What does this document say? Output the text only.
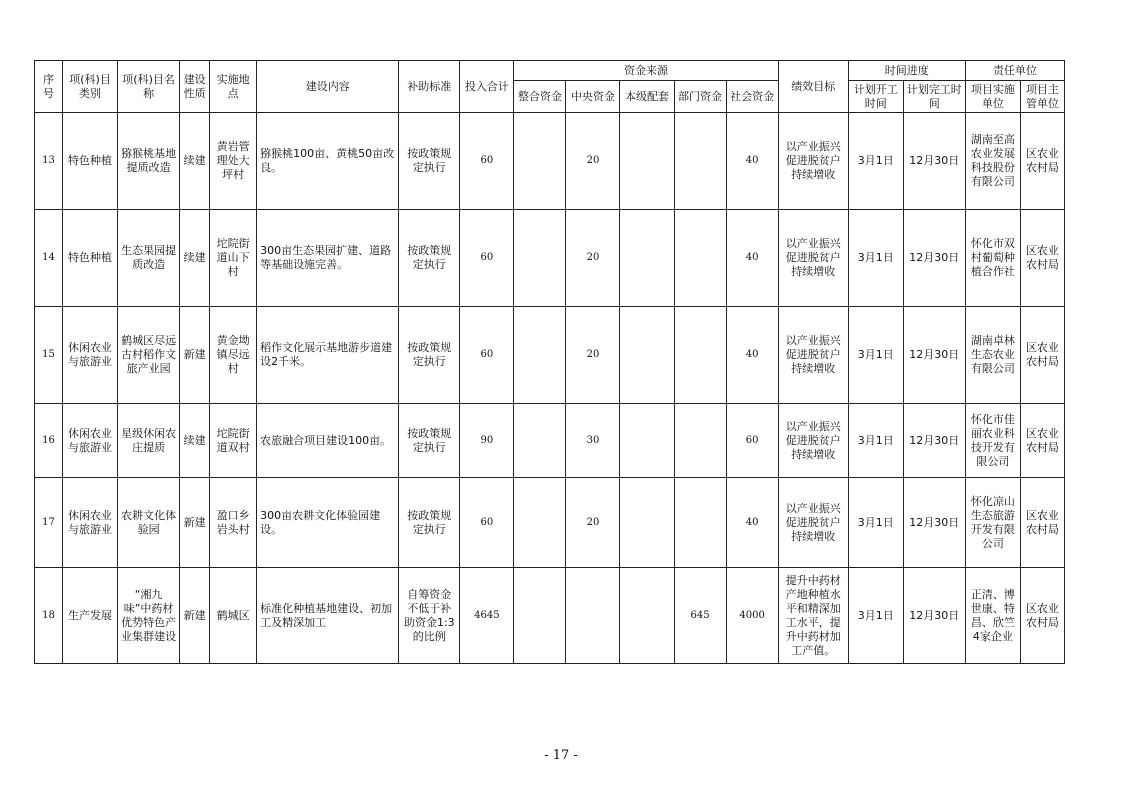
序号	项(科)目类别	项(科)目名称	建设性质	实施地点	建设内容	补助标准	投入合计	资金来源					绩效目标	时间进度		责任单位	
								整合资金	中央资金	本级配套	部门资金	社会资金		计划开工时间	计划完工时间	项目实施单位	项目主管单位
13	特色种植	猕猴桃基地提质改造	续建	黄岩管理处大坪村	猕猴桃100亩、黄桃50亩改良。	按政策规定执行	60		20			40	以产业振兴促进脱贫户持续增收	3月1日	12月30日	湖南至高农业发展科技股份有限公司	区农业农村局
14	特色种植	生态果园提质改造	续建	坨院街道山下村	300亩生态果园扩建、道路等基础设施完善。	按政策规定执行	60		20			40	以产业振兴促进脱贫户持续增收	3月1日	12月30日	怀化市双村葡萄种植合作社	区农业农村局
15	休闲农业与旅游业	鹤城区尽远古村稻作文旅产业园	新建	黄金坳镇尽远村	稻作文化展示基地游步道建设2千米。	按政策规定执行	60		20			40	以产业振兴促进脱贫户持续增收	3月1日	12月30日	湖南卓林生态农业有限公司	区农业农村局
16	休闲农业与旅游业	星级休闲农庄提质	续建	坨院街道双村	农旅融合项目建设100亩。	按政策规定执行	90		30			60	以产业振兴促进脱贫户持续增收	3月1日	12月30日	怀化市佳丽农业科技开发有限公司	区农业农村局
17	休闲农业与旅游业	农耕文化体验园	新建	盈口乡岩头村	300亩农耕文化体验园建设。	按政策规定执行	60		20			40	以产业振兴促进脱贫户持续增收	3月1日	12月30日	怀化凉山生态旅游开发有限公司	区农业农村局
18	生产发展	“湘九味”中药材优势特色产业集群建设	新建	鹤城区	标准化种植基地建设、初加工及精深加工	自筹资金不低于补助资金1:3的比例	4645				645	4000	提升中药材产地种植水平和精深加工水平，提升中药材加工产值。	3月1日	12月30日	正清、博世康、特昌、欣竺4家企业	区农业农村局
- 17 -
